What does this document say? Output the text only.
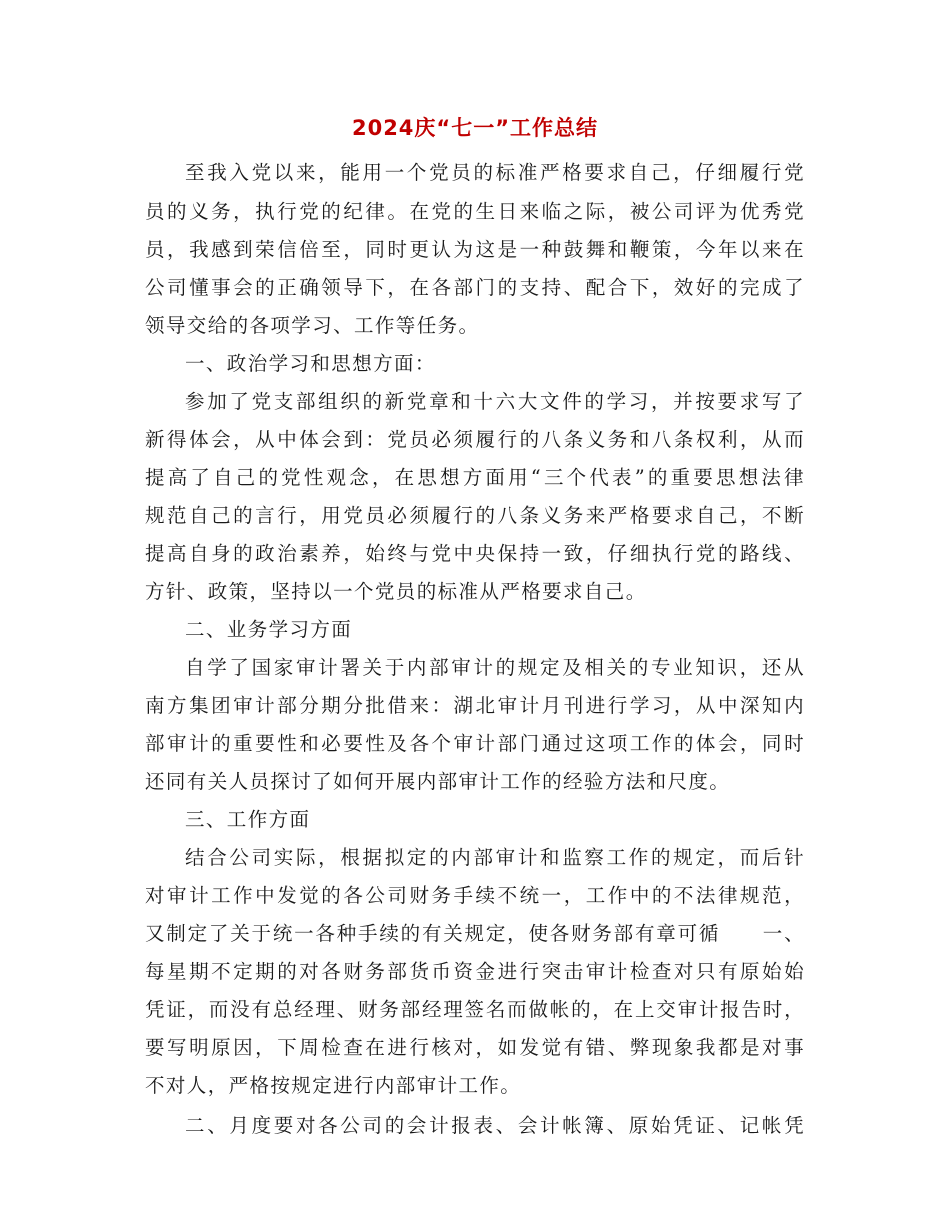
2024庆“七一”工作总结
至我入党以来，能用一个党员的标准严格要求自己，仔细履行党
员的义务，执行党的纪律。在党的生日来临之际，被公司评为优秀党
员，我感到荣信倍至，同时更认为这是一种鼓舞和鞭策，今年以来在
公司懂事会的正确领导下，在各部门的支持、配合下，效好的完成了
领导交给的各项学习、工作等任务。
一、政治学习和思想方面：
参加了党支部组织的新党章和十六大文件的学习，并按要求写了
新得体会，从中体会到：党员必须履行的八条义务和八条权利，从而
提高了自己的党性观念，在思想方面用“三个代表”的重要思想法律
规范自己的言行，用党员必须履行的八条义务来严格要求自己，不断
提高自身的政治素养，始终与党中央保持一致，仔细执行党的路线、
方针、政策，坚持以一个党员的标准从严格要求自己。
二、业务学习方面
自学了国家审计署关于内部审计的规定及相关的专业知识，还从
南方集团审计部分期分批借来：湖北审计月刊进行学习，从中深知内
部审计的重要性和必要性及各个审计部门通过这项工作的体会，同时
还同有关人员探讨了如何开展内部审计工作的经验方法和尺度。
三、工作方面
结合公司实际，根据拟定的内部审计和监察工作的规定，而后针
对审计工作中发觉的各公司财务手续不统一，工作中的不法律规范，
又制定了关于统一各种手续的有关规定，使各财务部有章可循　　一、
每星期不定期的对各财务部货币资金进行突击审计检查对只有原始始
凭证，而没有总经理、财务部经理签名而做帐的，在上交审计报告时，
要写明原因，下周检查在进行核对，如发觉有错、弊现象我都是对事
不对人，严格按规定进行内部审计工作。
二、月度要对各公司的会计报表、会计帐簿、原始凭证、记帐凭
